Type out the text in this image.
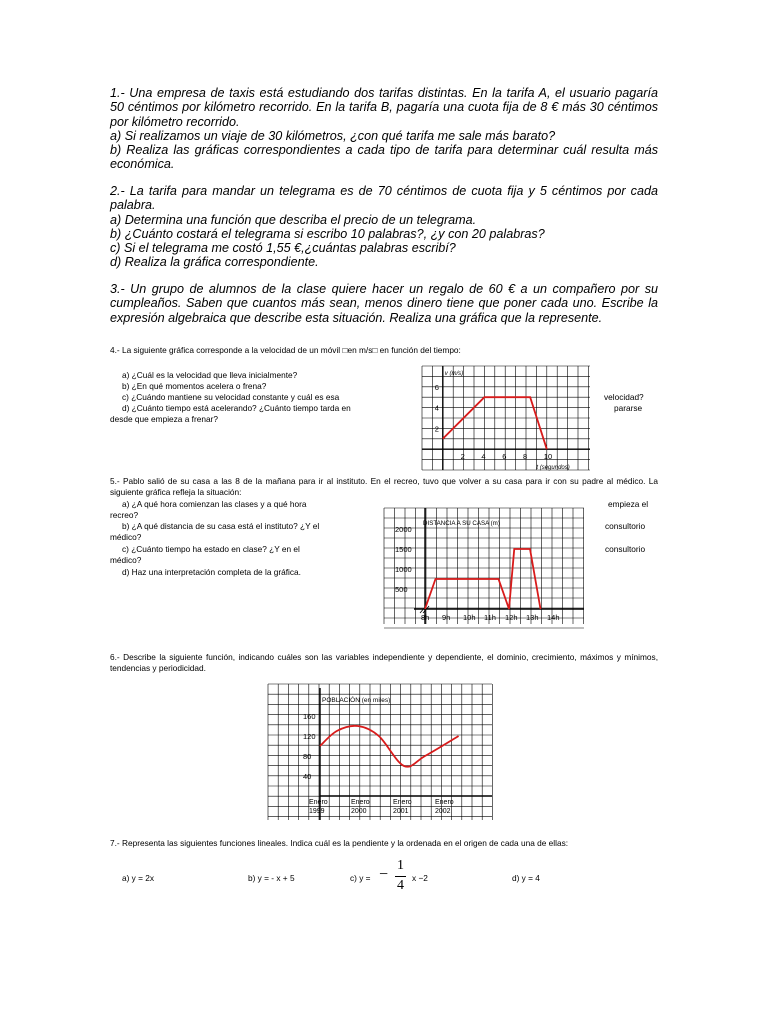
1.- Una empresa de taxis está estudiando dos tarifas distintas. En la tarifa A, el usuario pagaría 50 céntimos por kilómetro recorrido. En la tarifa B, pagaría una cuota fija de 8 € más 30 céntimos por kilómetro recorrido.
a) Si realizamos un viaje de 30 kilómetros, ¿con qué tarifa me sale más barato?
b) Realiza las gráficas correspondientes a cada tipo de tarifa para determinar cuál resulta más económica.
2.- La tarifa para mandar un telegrama es de 70 céntimos de cuota fija y 5 céntimos por cada palabra.
a) Determina una función que describa el precio de un telegrama.
b) ¿Cuánto costará el telegrama si escribo 10 palabras?, ¿y con 20 palabras?
c) Si el telegrama me costó 1,55 €,¿cuántas palabras escribí?
d) Realiza la gráfica correspondiente.
3.- Un grupo de alumnos de la clase quiere hacer un regalo de 60 € a un compañero por su cumpleaños. Saben que cuantos más sean, menos dinero tiene que poner cada uno. Escribe la expresión algebraica que describe esta situación. Realiza una gráfica que la represente.
4.- La siguiente gráfica corresponde a la velocidad de un móvil □en m/s□ en función del tiempo:
a) ¿Cuál es la velocidad que lleva inicialmente?
b) ¿En qué momentos acelera o frena?
c) ¿Cuándo mantiene su velocidad constante y cuál es esa	velocidad?
d) ¿Cuánto tiempo está acelerando? ¿Cuánto tiempo tarda en	pararse
desde que empieza a frenar?
2 4 6 8 10
2
4
6
v (m/s)
t (segundos)
5.- Pablo salió de su casa a las 8 de la mañana para ir al instituto. En el recreo, tuvo que volver a su casa para ir con su padre al médico. La siguiente gráfica refleja la situación:
a) ¿A qué hora comienzan las clases y a qué hora	empieza el
recreo?
b) ¿A qué distancia de su casa está el instituto? ¿Y el	consultorio
médico?
c) ¿Cuánto tiempo ha estado en clase? ¿Y en el	consultorio
médico?
d) Haz una interpretación completa de la gráfica.
8h 9h 10h 11h 12h 13h 14h
2000
1500
1000
500
DISTANCIA A SU CASA (m)
6.- Describe la siguiente función, indicando cuáles son las variables independiente y dependiente, el dominio, crecimiento, máximos y mínimos, tendencias y periodicidad.
160
120
80
40
POBLACIÓN (en miles)
Enero 1999
Enero 2000
Enero 2001
Enero 2002
7.- Representa las siguientes funciones lineales. Indica cuál es la pendiente y la ordenada en el origen de cada una de ellas:
a) y = 2x	b) y = - x + 5	c) y = −
1
4 x −2	d) y = 4
